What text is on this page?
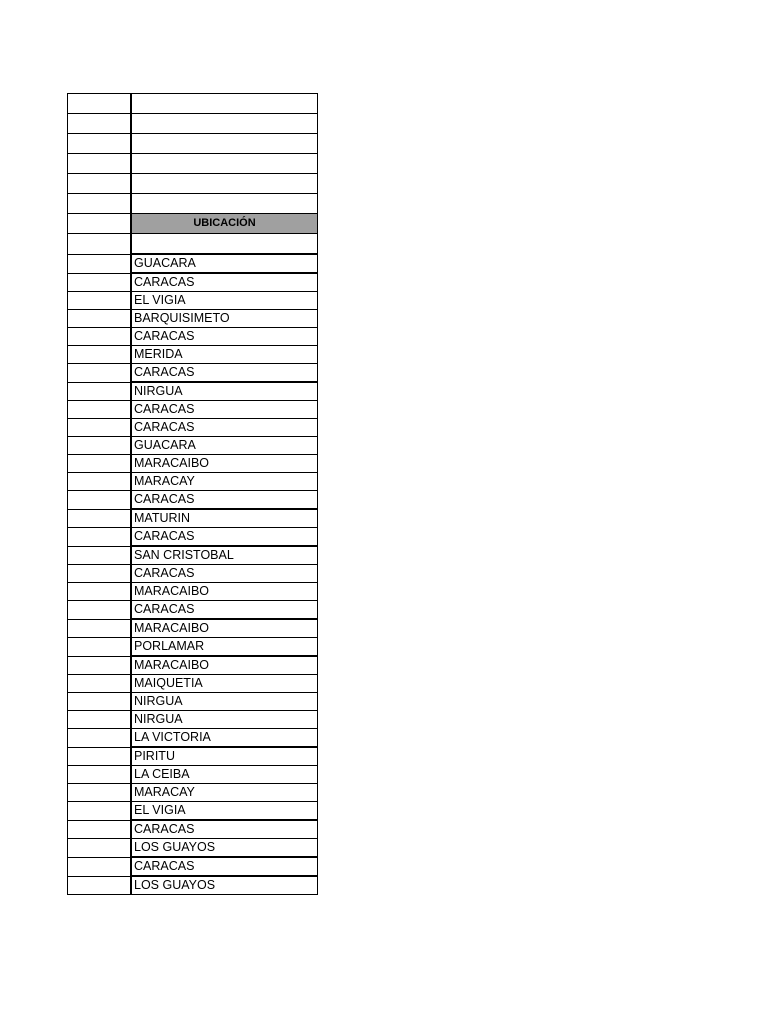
	UBICACIÓN

	GUACARA
	CARACAS
	EL VIGIA
	BARQUISIMETO
	CARACAS
	MERIDA
	CARACAS
	NIRGUA
	CARACAS
	CARACAS
	GUACARA
	MARACAIBO
	MARACAY
	CARACAS
	MATURIN
	CARACAS
	SAN CRISTOBAL
	CARACAS
	MARACAIBO
	CARACAS
	MARACAIBO
	PORLAMAR
	MARACAIBO
	MAIQUETIA
	NIRGUA
	NIRGUA
	LA VICTORIA
	PIRITU
	LA CEIBA
	MARACAY
	EL VIGIA
	CARACAS
	LOS GUAYOS
	CARACAS
	LOS GUAYOS
